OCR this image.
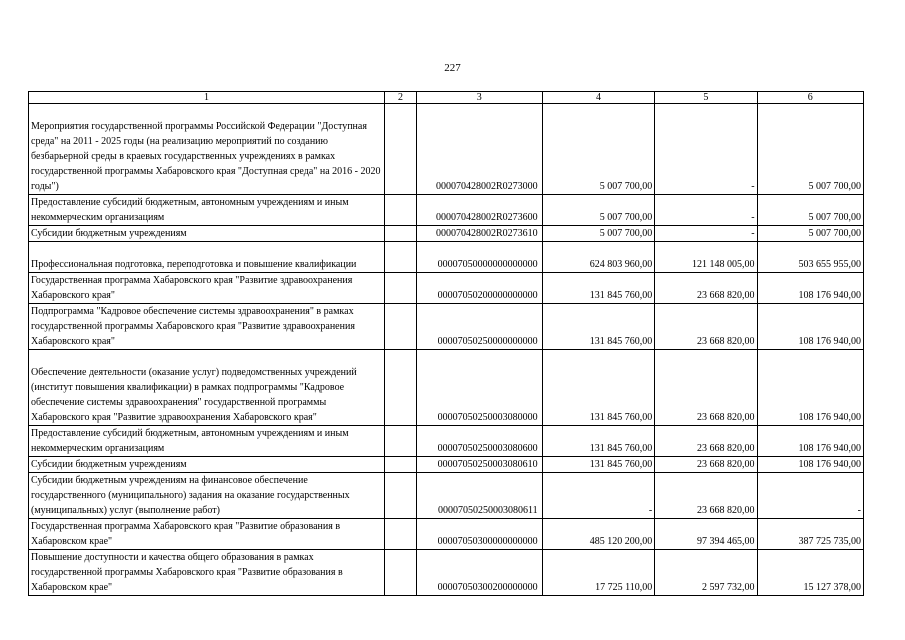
227
1	2	3	4	5	6
Мероприятия государственной программы Российской Федерации "Доступная среда" на 2011 - 2025 годы (на реализацию мероприятий по созданию безбарьерной среды в краевых государственных учреждениях в рамках государственной программы Хабаровского края "Доступная среда" на 2016 - 2020 годы")		000070428002R0273000	5 007 700,00	-	5 007 700,00
Предоставление субсидий бюджетным, автономным учреждениям и иным некоммерческим организациям		000070428002R0273600	5 007 700,00	-	5 007 700,00
Субсидии бюджетным учреждениям		000070428002R0273610	5 007 700,00	-	5 007 700,00
Профессиональная подготовка, переподготовка и повышение квалификации		00007050000000000000	624 803 960,00	121 148 005,00	503 655 955,00
Государственная программа Хабаровского края "Развитие здравоохранения Хабаровского края"		00007050200000000000	131 845 760,00	23 668 820,00	108 176 940,00
Подпрограмма "Кадровое обеспечение системы здравоохранения" в рамках государственной программы Хабаровского края "Развитие здравоохранения Хабаровского края"		00007050250000000000	131 845 760,00	23 668 820,00	108 176 940,00
Обеспечение деятельности (оказание услуг) подведомственных учреждений (институт повышения квалификации) в рамках подпрограммы "Кадровое обеспечение системы здравоохранения" государственной программы Хабаровского края "Развитие здравоохранения Хабаровского края"		00007050250003080000	131 845 760,00	23 668 820,00	108 176 940,00
Предоставление субсидий бюджетным, автономным учреждениям и иным некоммерческим организациям		00007050250003080600	131 845 760,00	23 668 820,00	108 176 940,00
Субсидии бюджетным учреждениям		00007050250003080610	131 845 760,00	23 668 820,00	108 176 940,00
Субсидии бюджетным учреждениям на финансовое обеспечение государственного (муниципального) задания на оказание государственных (муниципальных) услуг (выполнение работ)		00007050250003080611	-	23 668 820,00	-
Государственная программа Хабаровского края "Развитие образования в Хабаровском крае"		00007050300000000000	485 120 200,00	97 394 465,00	387 725 735,00
Повышение доступности и качества общего образования в рамках государственной программы Хабаровского края "Развитие образования в Хабаровском крае"		00007050300200000000	17 725 110,00	2 597 732,00	15 127 378,00
